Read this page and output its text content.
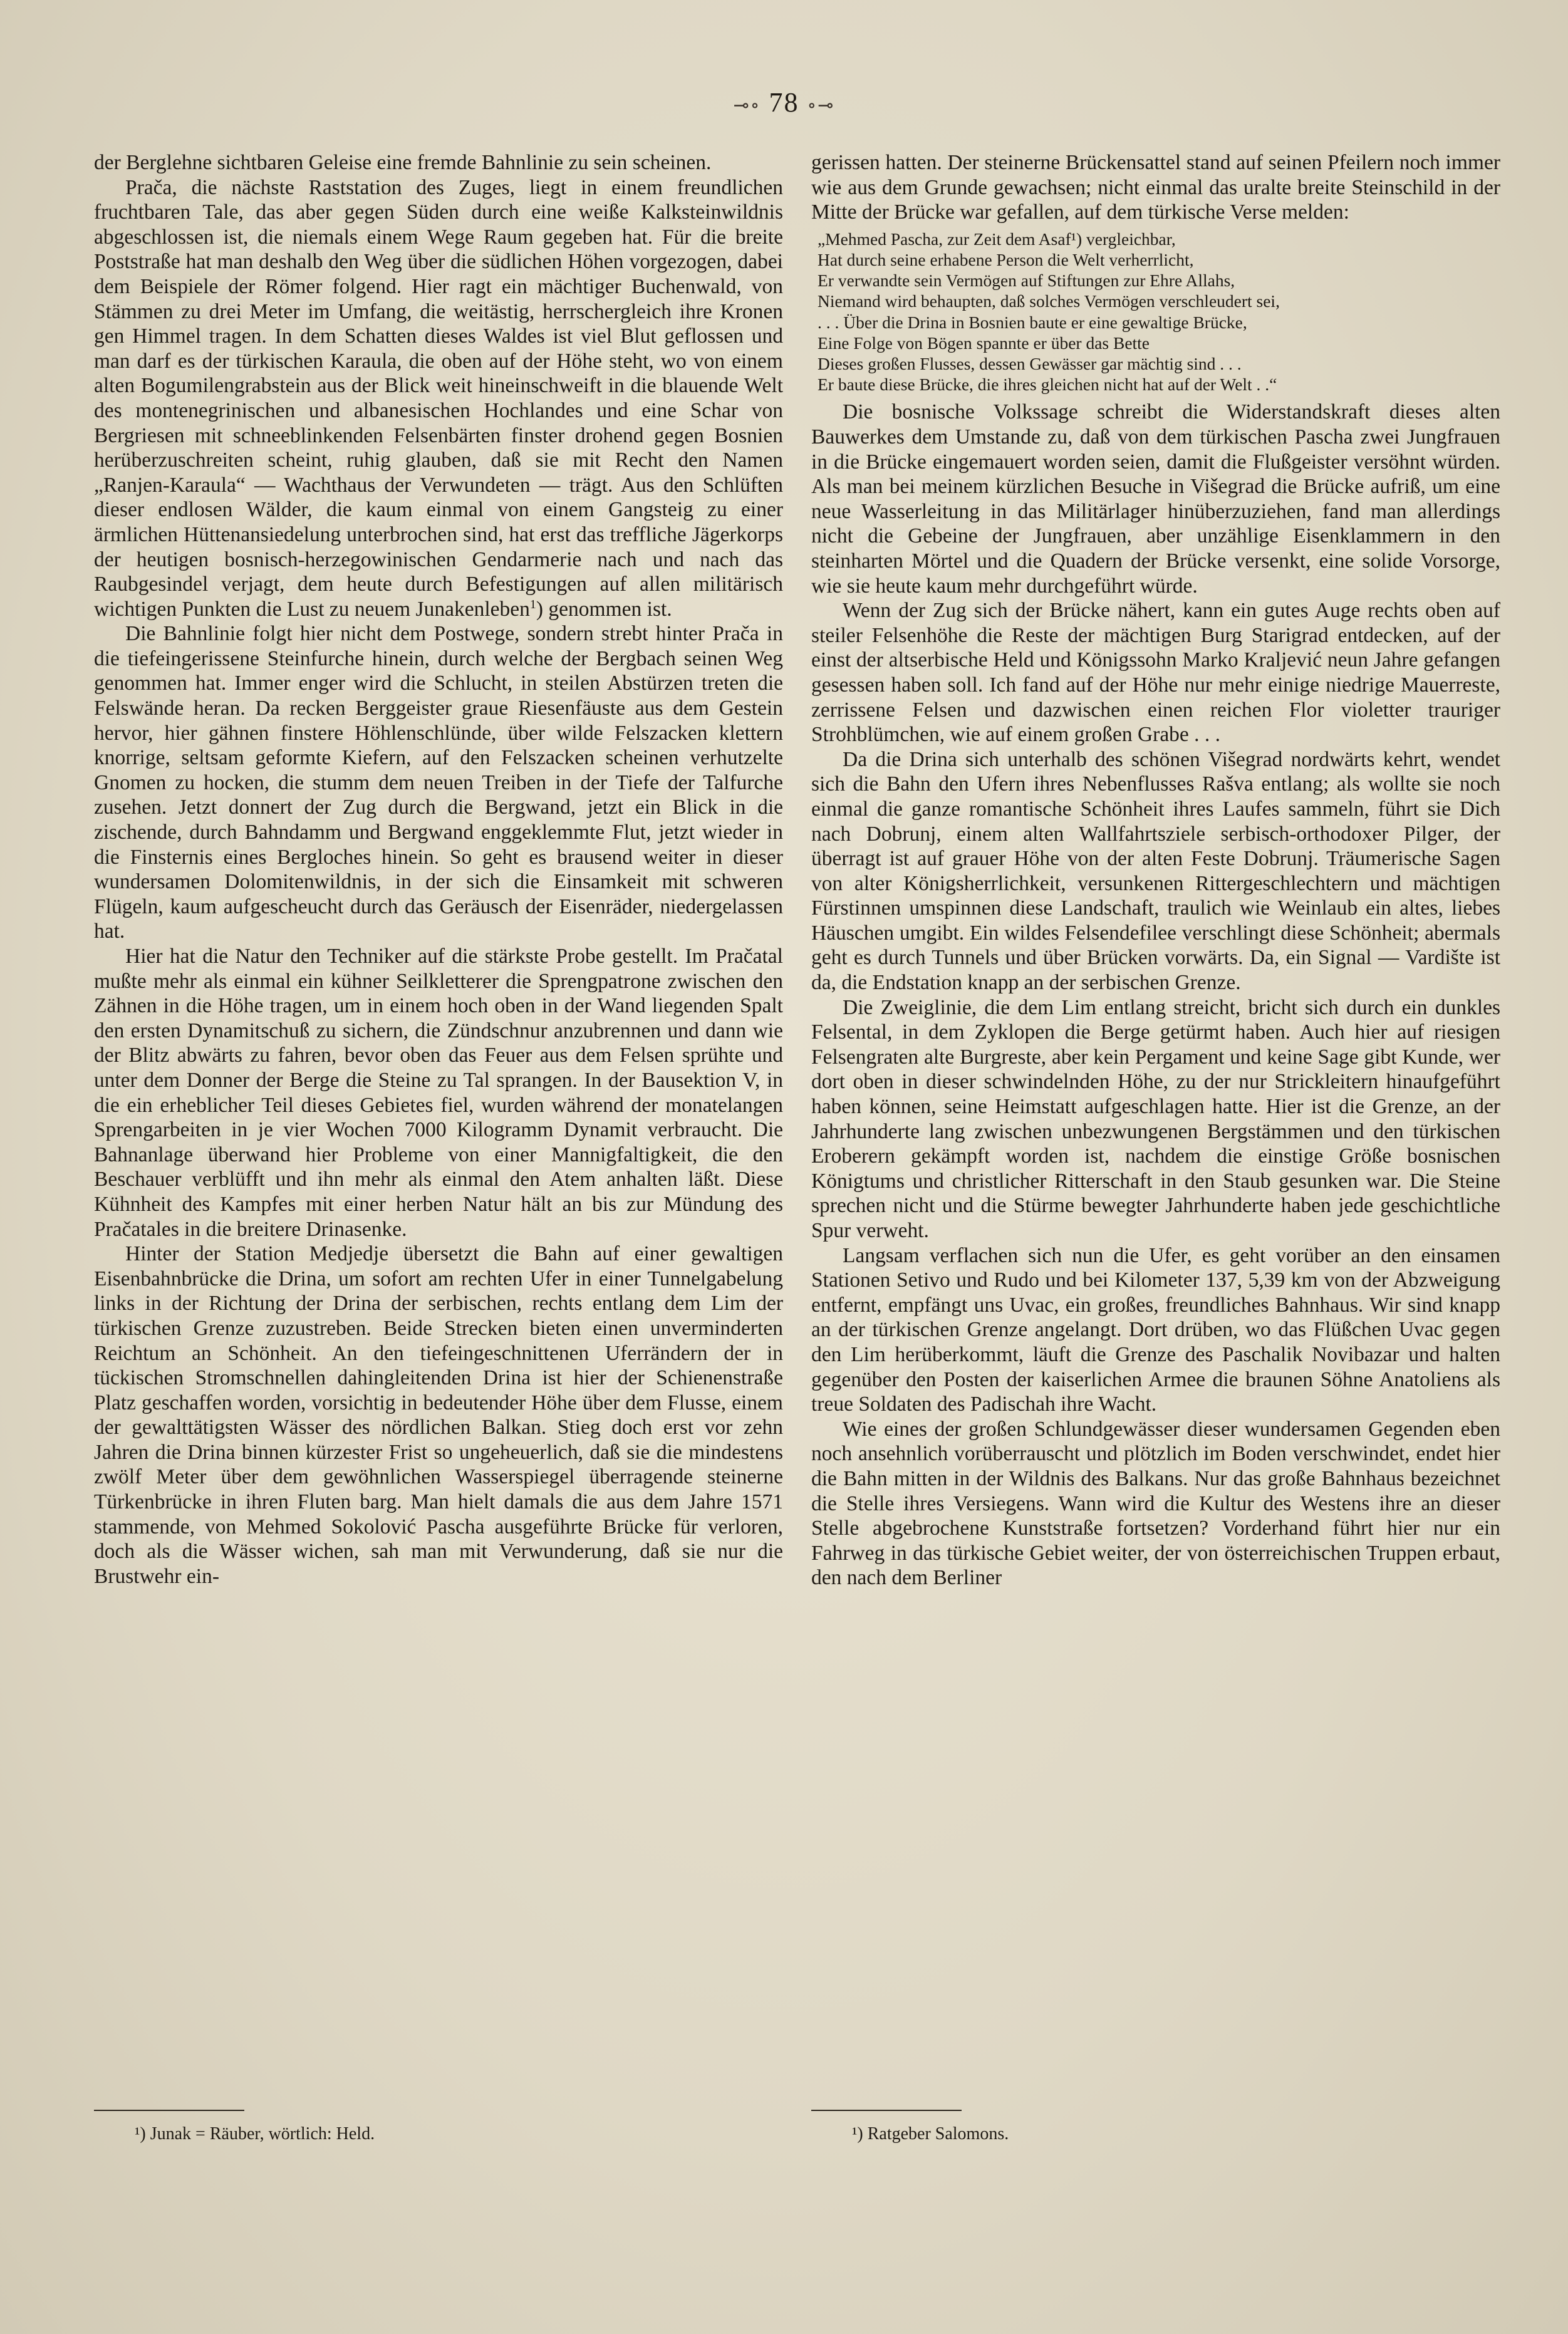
⊸∘ 78 ∘⊸

der Berglehne sichtbaren Geleise eine fremde Bahnlinie zu sein scheinen.

Prača, die nächste Raststation des Zuges, liegt in einem freundlichen fruchtbaren Tale, das aber gegen Süden durch eine weiße Kalksteinwildnis abgeschlossen ist, die niemals einem Wege Raum gegeben hat. Für die breite Poststraße hat man deshalb den Weg über die südlichen Höhen vorgezogen, dabei dem Beispiele der Römer folgend. Hier ragt ein mächtiger Buchenwald, von Stämmen zu drei Meter im Umfang, die weitästig, herrschergleich ihre Kronen gen Himmel tragen. In dem Schatten dieses Waldes ist viel Blut geflossen und man darf es der türkischen Karaula, die oben auf der Höhe steht, wo von einem alten Bogumilengrabstein aus der Blick weit hineinschweift in die blauende Welt des montenegrinischen und albanesischen Hochlandes und eine Schar von Bergriesen mit schneeblinkenden Felsenbärten finster drohend gegen Bosnien herüberzuschreiten scheint, ruhig glauben, daß sie mit Recht den Namen „Ranjen-Karaula“ — Wachthaus der Verwundeten — trägt. Aus den Schlüften dieser endlosen Wälder, die kaum einmal von einem Gangsteig zu einer ärmlichen Hüttenansiedelung unterbrochen sind, hat erst das treffliche Jägerkorps der heutigen bosnisch-herzegowinischen Gendarmerie nach und nach das Raubgesindel verjagt, dem heute durch Befestigungen auf allen militärisch wichtigen Punkten die Lust zu neuem Junakenleben$^1$) genommen ist.

Die Bahnlinie folgt hier nicht dem Postwege, sondern strebt hinter Prača in die tiefeingerissene Steinfurche hinein, durch welche der Bergbach seinen Weg genommen hat. Immer enger wird die Schlucht, in steilen Abstürzen treten die Felswände heran. Da recken Berggeister graue Riesenfäuste aus dem Gestein hervor, hier gähnen finstere Höhlenschlünde, über wilde Felszacken klettern knorrige, seltsam geformte Kiefern, auf den Felszacken scheinen verhutzelte Gnomen zu hocken, die stumm dem neuen Treiben in der Tiefe der Talfurche zusehen. Jetzt donnert der Zug durch die Bergwand, jetzt ein Blick in die zischende, durch Bahndamm und Bergwand enggeklemmte Flut, jetzt wieder in die Finsternis eines Bergloches hinein. So geht es brausend weiter in dieser wundersamen Dolomitenwildnis, in der sich die Einsamkeit mit schweren Flügeln, kaum aufgescheucht durch das Geräusch der Eisenräder, niedergelassen hat.

Hier hat die Natur den Techniker auf die stärkste Probe gestellt. Im Pračatal mußte mehr als einmal ein kühner Seilkletterer die Sprengpatrone zwischen den Zähnen in die Höhe tragen, um in einem hoch oben in der Wand liegenden Spalt den ersten Dynamitschuß zu sichern, die Zündschnur anzubrennen und dann wie der Blitz abwärts zu fahren, bevor oben das Feuer aus dem Felsen sprühte und unter dem Donner der Berge die Steine zu Tal sprangen. In der Bausektion V, in die ein erheblicher Teil dieses Gebietes fiel, wurden während der monatelangen Sprengarbeiten in je vier Wochen 7000 Kilogramm Dynamit verbraucht. Die Bahnanlage überwand hier Probleme von einer Mannigfaltigkeit, die den Beschauer verblüfft und ihn mehr als einmal den Atem anhalten läßt. Diese Kühnheit des Kampfes mit einer herben Natur hält an bis zur Mündung des Pračatales in die breitere Drinasenke.

Hinter der Station Medjedje übersetzt die Bahn auf einer gewaltigen Eisenbahnbrücke die Drina, um sofort am rechten Ufer in einer Tunnelgabelung links in der Richtung der Drina der serbischen, rechts entlang dem Lim der türkischen Grenze zuzustreben. Beide Strecken bieten einen unverminderten Reichtum an Schönheit. An den tiefeingeschnittenen Uferrändern der in tückischen Stromschnellen dahingleitenden Drina ist hier der Schienenstraße Platz geschaffen worden, vorsichtig in bedeutender Höhe über dem Flusse, einem der gewalttätigsten Wässer des nördlichen Balkan. Stieg doch erst vor zehn Jahren die Drina binnen kürzester Frist so ungeheuerlich, daß sie die mindestens zwölf Meter über dem gewöhnlichen Wasserspiegel überragende steinerne Türkenbrücke in ihren Fluten barg. Man hielt damals die aus dem Jahre 1571 stammende, von Mehmed Sokolović Pascha ausgeführte Brücke für verloren, doch als die Wässer wichen, sah man mit Verwunderung, daß sie nur die Brustwehr ein-

gerissen hatten. Der steinerne Brückensattel stand auf seinen Pfeilern noch immer wie aus dem Grunde gewachsen; nicht einmal das uralte breite Steinschild in der Mitte der Brücke war gefallen, auf dem türkische Verse melden:

„Mehmed Pascha, zur Zeit dem Asaf¹) vergleichbar,
Hat durch seine erhabene Person die Welt verherrlicht,
Er verwandte sein Vermögen auf Stiftungen zur Ehre Allahs,
Niemand wird behaupten, daß solches Vermögen verschleudert sei,
. . . Über die Drina in Bosnien baute er eine gewaltige Brücke,
Eine Folge von Bögen spannte er über das Bette
Dieses großen Flusses, dessen Gewässer gar mächtig sind . . .
Er baute diese Brücke, die ihres gleichen nicht hat auf der Welt . .“

Die bosnische Volkssage schreibt die Widerstandskraft dieses alten Bauwerkes dem Umstande zu, daß von dem türkischen Pascha zwei Jungfrauen in die Brücke eingemauert worden seien, damit die Flußgeister versöhnt würden. Als man bei meinem kürzlichen Besuche in Višegrad die Brücke aufriß, um eine neue Wasserleitung in das Militärlager hinüberzuziehen, fand man allerdings nicht die Gebeine der Jungfrauen, aber unzählige Eisenklammern in den steinharten Mörtel und die Quadern der Brücke versenkt, eine solide Vorsorge, wie sie heute kaum mehr durchgeführt würde.

Wenn der Zug sich der Brücke nähert, kann ein gutes Auge rechts oben auf steiler Felsenhöhe die Reste der mächtigen Burg Starigrad entdecken, auf der einst der altserbische Held und Königssohn Marko Kraljević neun Jahre gefangen gesessen haben soll. Ich fand auf der Höhe nur mehr einige niedrige Mauerreste, zerrissene Felsen und dazwischen einen reichen Flor violetter trauriger Strohblümchen, wie auf einem großen Grabe . . .

Da die Drina sich unterhalb des schönen Višegrad nordwärts kehrt, wendet sich die Bahn den Ufern ihres Nebenflusses Rašva entlang; als wollte sie noch einmal die ganze romantische Schönheit ihres Laufes sammeln, führt sie Dich nach Dobrunj, einem alten Wallfahrtsziele serbisch-orthodoxer Pilger, der überragt ist auf grauer Höhe von der alten Feste Dobrunj. Träumerische Sagen von alter Königsherrlichkeit, versunkenen Rittergeschlechtern und mächtigen Fürstinnen umspinnen diese Landschaft, traulich wie Weinlaub ein altes, liebes Häuschen umgibt. Ein wildes Felsendefilee verschlingt diese Schönheit; abermals geht es durch Tunnels und über Brücken vorwärts. Da, ein Signal — Vardište ist da, die Endstation knapp an der serbischen Grenze.

Die Zweiglinie, die dem Lim entlang streicht, bricht sich durch ein dunkles Felsental, in dem Zyklopen die Berge getürmt haben. Auch hier auf riesigen Felsengraten alte Burgreste, aber kein Pergament und keine Sage gibt Kunde, wer dort oben in dieser schwindelnden Höhe, zu der nur Strickleitern hinaufgeführt haben können, seine Heimstatt aufgeschlagen hatte. Hier ist die Grenze, an der Jahrhunderte lang zwischen unbezwungenen Bergstämmen und den türkischen Eroberern gekämpft worden ist, nachdem die einstige Größe bosnischen Königtums und christlicher Ritterschaft in den Staub gesunken war. Die Steine sprechen nicht und die Stürme bewegter Jahrhunderte haben jede geschichtliche Spur verweht.

Langsam verflachen sich nun die Ufer, es geht vorüber an den einsamen Stationen Setivo und Rudo und bei Kilometer 137, 5,39 km von der Abzweigung entfernt, empfängt uns Uvac, ein großes, freundliches Bahnhaus. Wir sind knapp an der türkischen Grenze angelangt. Dort drüben, wo das Flüßchen Uvac gegen den Lim herüberkommt, läuft die Grenze des Paschalik Novibazar und halten gegenüber den Posten der kaiserlichen Armee die braunen Söhne Anatoliens als treue Soldaten des Padischah ihre Wacht.

Wie eines der großen Schlundgewässer dieser wundersamen Gegenden eben noch ansehnlich vorüberrauscht und plötzlich im Boden verschwindet, endet hier die Bahn mitten in der Wildnis des Balkans. Nur das große Bahnhaus bezeichnet die Stelle ihres Versiegens. Wann wird die Kultur des Westens ihre an dieser Stelle abgebrochene Kunststraße fortsetzen? Vorderhand führt hier nur ein Fahrweg in das türkische Gebiet weiter, der von österreichischen Truppen erbaut, den nach dem Berliner

¹) Junak = Räuber, wörtlich: Held.	¹) Ratgeber Salomons.
